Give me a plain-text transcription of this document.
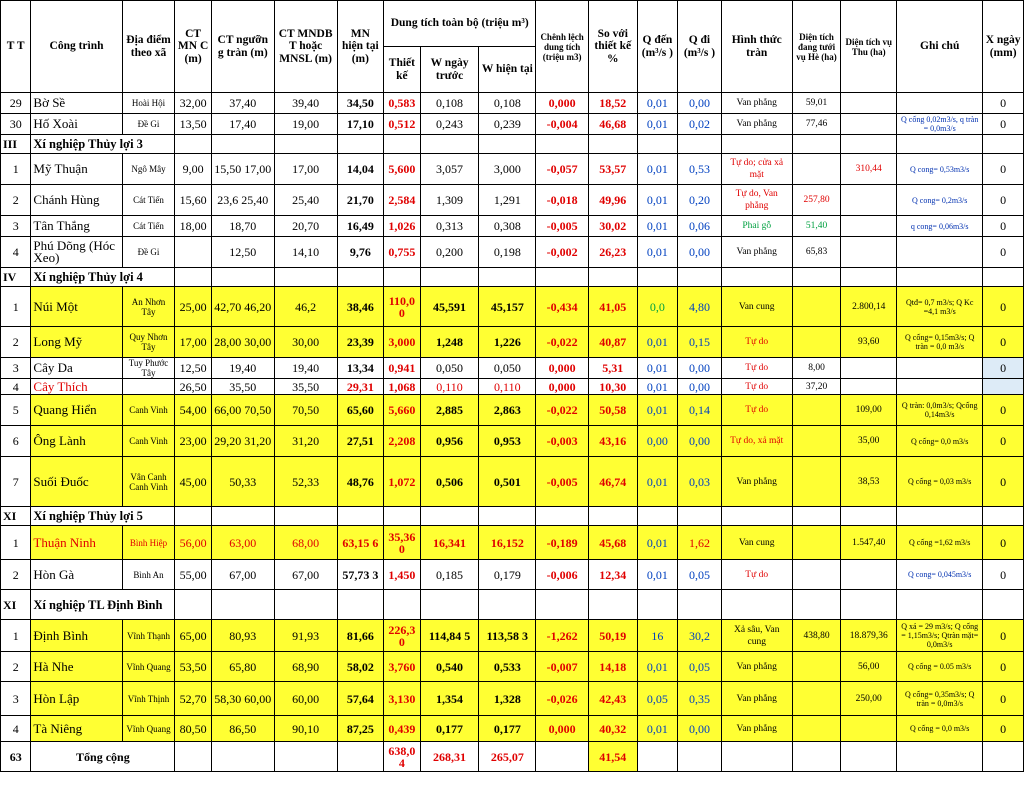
T T	Công trình	Địa điểm theo xã	CT MN C (m)	CT ngưỡn g tràn (m)	CT MNDB T hoặc MNSL (m)	MN hiện tại (m)	Dung tích toàn bộ (triệu m³)			Chênh lệch dung tích (triệu m3)	So với thiết kế %	Q đến (m³/s )	Q đi (m³/s )	Hình thức tràn	Diện tích đang tưới vụ Hè (ha)	Diện tích vụ Thu (ha)	Ghi chú	X ngày (mm)
							Thiết kế	W ngày trước	W hiện tại									
29	Bờ Sề	Hoài Hội	32,00	37,40	39,40	34,50	0,583	0,108	0,108	0,000	18,52	0,01	0,00	Van phẳng	59,01			0
30	Hố Xoài	Đề Gi	13,50	17,40	19,00	17,10	0,512	0,243	0,239	-0,004	46,68	0,01	0,02	Van phẳng	77,46		Q cống 0,02m3/s, q tràn = 0,0m3/s	0
III	Xí nghiệp Thủy lợi 3																	
1	Mỹ Thuận	Ngô Mây	9,00	15,50 17,00	17,00	14,04	5,600	3,057	3,000	-0,057	53,57	0,01	0,53	Tự do; cửa xả mặt		310,44	Q cong= 0,53m3/s	0
2	Chánh Hùng	Cát Tiến	15,60	23,6 25,40	25,40	21,70	2,584	1,309	1,291	-0,018	49,96	0,01	0,20	Tự do, Van phẳng	257,80		Q cong= 0,2m3/s	0
3	Tân Thắng	Cát Tiến	18,00	18,70	20,70	16,49	1,026	0,313	0,308	-0,005	30,02	0,01	0,06	Phai gỗ	51,40		q cong= 0,06m3/s	0
4	Phú Dõng (Hóc Xeo)	Đề Gi		12,50	14,10	9,76	0,755	0,200	0,198	-0,002	26,23	0,01	0,00	Van phẳng	65,83			0
IV	Xí nghiệp Thủy lợi 4																	
1	Núi Một	An Nhơn Tây	25,00	42,70 46,20	46,2	38,46	110,0 0	45,591	45,157	-0,434	41,05	0,0	4,80	Van cung		2.800,14	Qtđ= 0,7 m3/s; Q Kc =4,1 m3/s	0
2	Long Mỹ	Quy Nhơn Tây	17,00	28,00 30,00	30,00	23,39	3,000	1,248	1,226	-0,022	40,87	0,01	0,15	Tự do		93,60	Q cống= 0,15m3/s; Q tràn = 0,0 m3/s	0
3	Cây Da	Tuy Phước Tây	12,50	19,40	19,40	13,34	0,941	0,050	0,050	0,000	5,31	0,01	0,00	Tự do	8,00			0
4	Cây Thích		26,50	35,50	35,50	29,31	1,068	0,110	0,110	0,000	10,30	0,01	0,00	Tự do	37,20			
5	Quang Hiển	Canh Vinh	54,00	66,00 70,50	70,50	65,60	5,660	2,885	2,863	-0,022	50,58	0,01	0,14	Tự do		109,00	Q tràn: 0,0m3/s; Qcống 0,14m3/s	0
6	Ông Lành	Canh Vinh	23,00	29,20 31,20	31,20	27,51	2,208	0,956	0,953	-0,003	43,16	0,00	0,00	Tự do, xả mặt		35,00	Q cống= 0,0 m3/s	0
7	Suối Đuốc	Vân Canh Canh Vinh	45,00	50,33	52,33	48,76	1,072	0,506	0,501	-0,005	46,74	0,01	0,03	Van phẳng		38,53	Q cống = 0,03 m3/s	0
XI	Xí nghiệp Thủy lợi 5																	
1	Thuận Ninh	Bình Hiệp	56,00	63,00	68,00	63,15 6	35,36 0	16,341	16,152	-0,189	45,68	0,01	1,62	Van cung		1.547,40	Q cống =1,62 m3/s	0
2	Hòn Gà	Bình An	55,00	67,00	67,00	57,73 3	1,450	0,185	0,179	-0,006	12,34	0,01	0,05	Tự do			Q cong= 0,045m3/s	0
XI	Xí nghiệp TL Định Bình																	
1	Định Bình	Vĩnh Thạnh	65,00	80,93	91,93	81,66	226,3 0	114,84 5	113,58 3	-1,262	50,19	16	30,2	Xả sâu, Van cung	438,80	18.879,36	Q xả = 29 m3/s; Q cống = 1,15m3/s; Qtràn mặt= 0,0m3/s	0
2	Hà Nhe	Vĩnh Quang	53,50	65,80	68,90	58,02	3,760	0,540	0,533	-0,007	14,18	0,01	0,05	Van phẳng		56,00	Q cống = 0.05 m3/s	0
3	Hòn Lập	Vĩnh Thịnh	52,70	58,30 60,00	60,00	57,64	3,130	1,354	1,328	-0,026	42,43	0,05	0,35	Van phẳng		250,00	Q cống= 0,35m3/s; Q tràn = 0,0m3/s	0
4	Tà Niêng	Vĩnh Quang	80,50	86,50	90,10	87,25	0,439	0,177	0,177	0,000	40,32	0,01	0,00	Van phẳng			Q cống = 0,0 m3/s	0
63	Tổng cộng						638,0 4	268,31	265,07		41,54							
